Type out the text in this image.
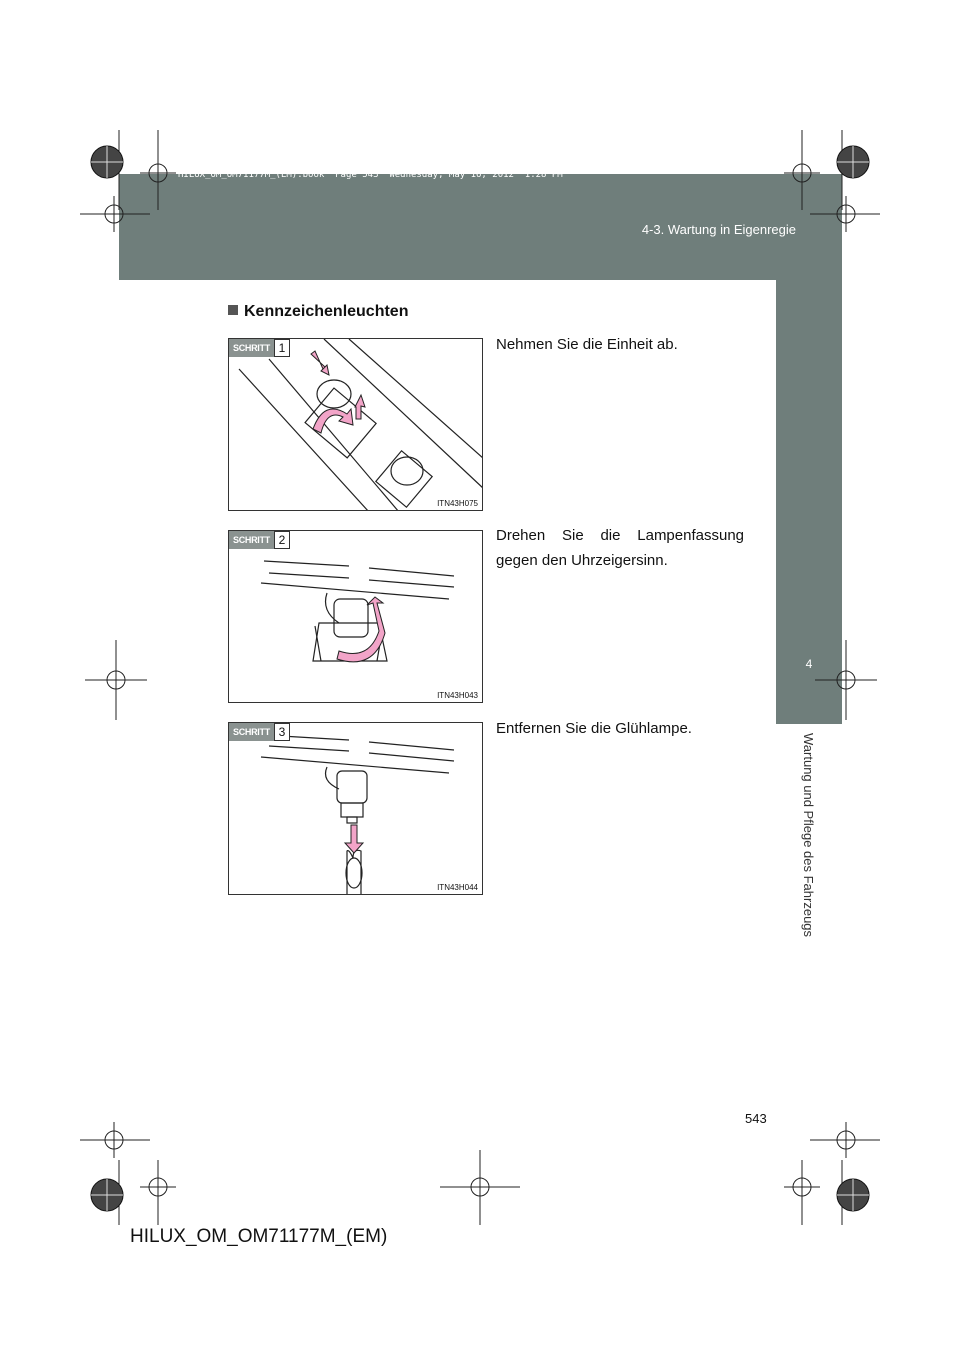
HILUX_OM_OM71177M_(EM).book  Page 543  Wednesday, May 16, 2012  1:28 PM
4-3. Wartung in Eigenregie
4
Wartung und Pflege des Fahrzeugs
Kennzeichenleuchten
SCHRITT 1
ITN43H075
Nehmen Sie die Einheit ab.
SCHRITT 2
ITN43H043
Drehen Sie die Lampenfassung gegen den Uhrzeigersinn.
SCHRITT 3
ITN43H044
Entfernen Sie die Glühlampe.
543
HILUX_OM_OM71177M_(EM)
